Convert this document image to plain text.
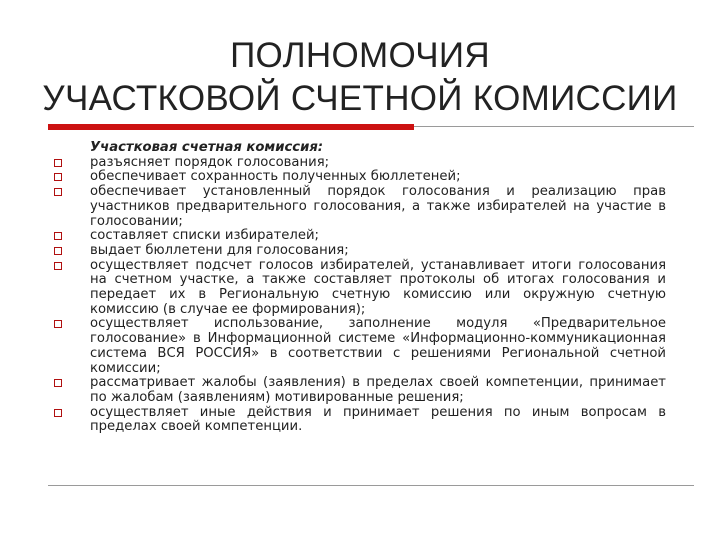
ПОЛНОМОЧИЯ
УЧАСТКОВОЙ СЧЕТНОЙ КОМИССИИ
Участковая счетная комиссия:
разъясняет порядок голосования;
обеспечивает сохранность полученных бюллетеней;
обеспечивает установленный порядок голосования и реализацию прав участников предварительного голосования, а также избирателей на участие в голосовании;
составляет списки избирателей;
выдает бюллетени для голосования;
осуществляет подсчет голосов избирателей, устанавливает итоги голосования на счетном участке, а также составляет протоколы об итогах голосования и передает их в Региональную счетную комиссию или окружную счетную комиссию (в случае ее формирования);
осуществляет использование, заполнение модуля «Предварительное голосование» в Информационной системе «Информационно-коммуникационная система ВСЯ РОССИЯ» в соответствии с решениями Региональной счетной комиссии;
рассматривает жалобы (заявления) в пределах своей компетенции, принимает по жалобам (заявлениям) мотивированные решения;
осуществляет иные действия и принимает решения по иным вопросам в пределах своей компетенции.
